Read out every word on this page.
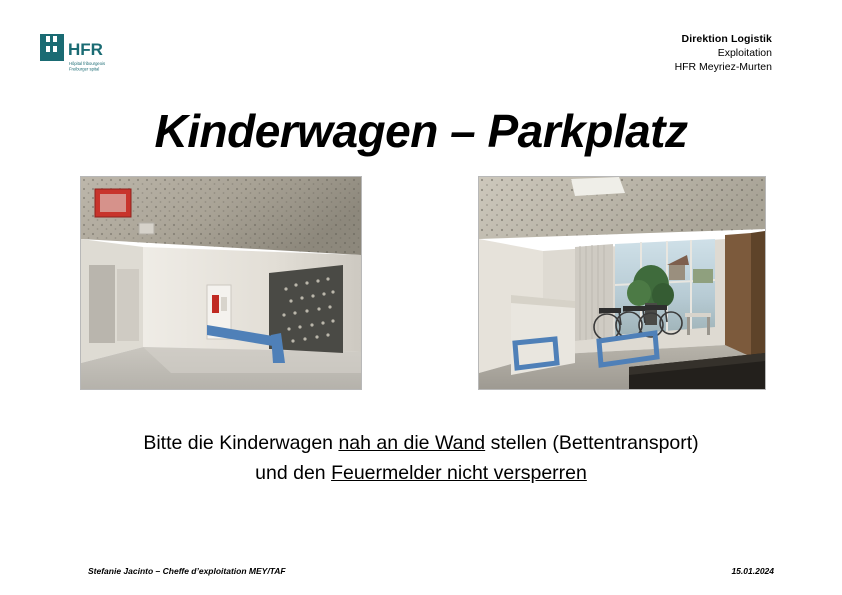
HFR
Hôpital fribourgeois
Freiburger spital
Direktion Logistik
Exploitation
HFR Meyriez-Murten
Kinderwagen – Parkplatz
Bitte die Kinderwagen nah an die Wand stellen (Bettentransport)
und den Feuermelder nicht versperren
Stefanie Jacinto – Cheffe d’exploitation MEY/TAF	15.01.2024
